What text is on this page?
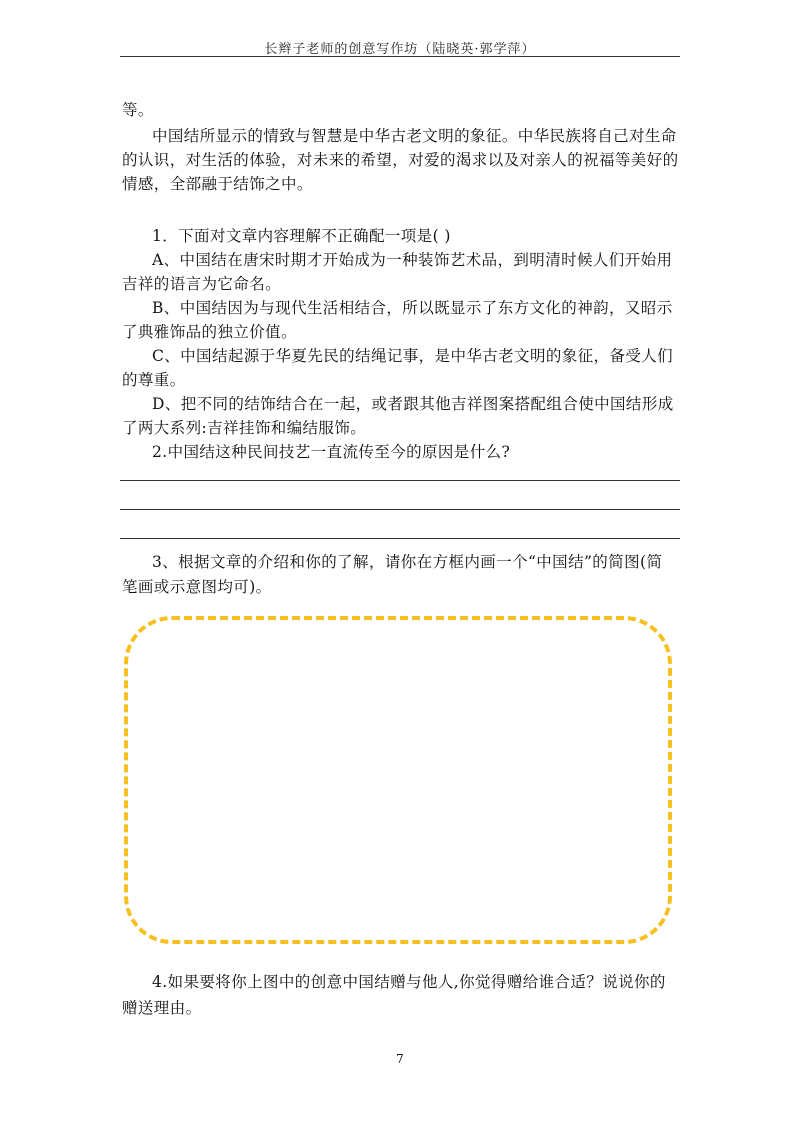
长辫子老师的创意写作坊（陆晓英·郭学萍）
等。
中国结所显示的情致与智慧是中华古老文明的象征。中华民族将自己对生命
的认识，对生活的体验，对未来的希望，对爱的渴求以及对亲人的祝福等美好的
情感，全部融于结饰之中。
1．下面对文章内容理解不正确配一项是( )
A、中国结在唐宋时期才开始成为一种装饰艺术品，到明清时候人们开始用
吉祥的语言为它命名。
B、中国结因为与现代生活相结合，所以既显示了东方文化的神韵，又昭示
了典雅饰品的独立价值。
C、中国结起源于华夏先民的结绳记事，是中华古老文明的象征，备受人们
的尊重。
D、把不同的结饰结合在一起，或者跟其他吉祥图案搭配组合使中国结形成
了两大系列:吉祥挂饰和编结服饰。
2.中国结这种民间技艺一直流传至今的原因是什么?
3、根据文章的介绍和你的了解，请你在方框内画一个“中国结”的简图(简
笔画或示意图均可)。
4.如果要将你上图中的创意中国结赠与他人,你觉得赠给谁合适？说说你的
赠送理由。
7
